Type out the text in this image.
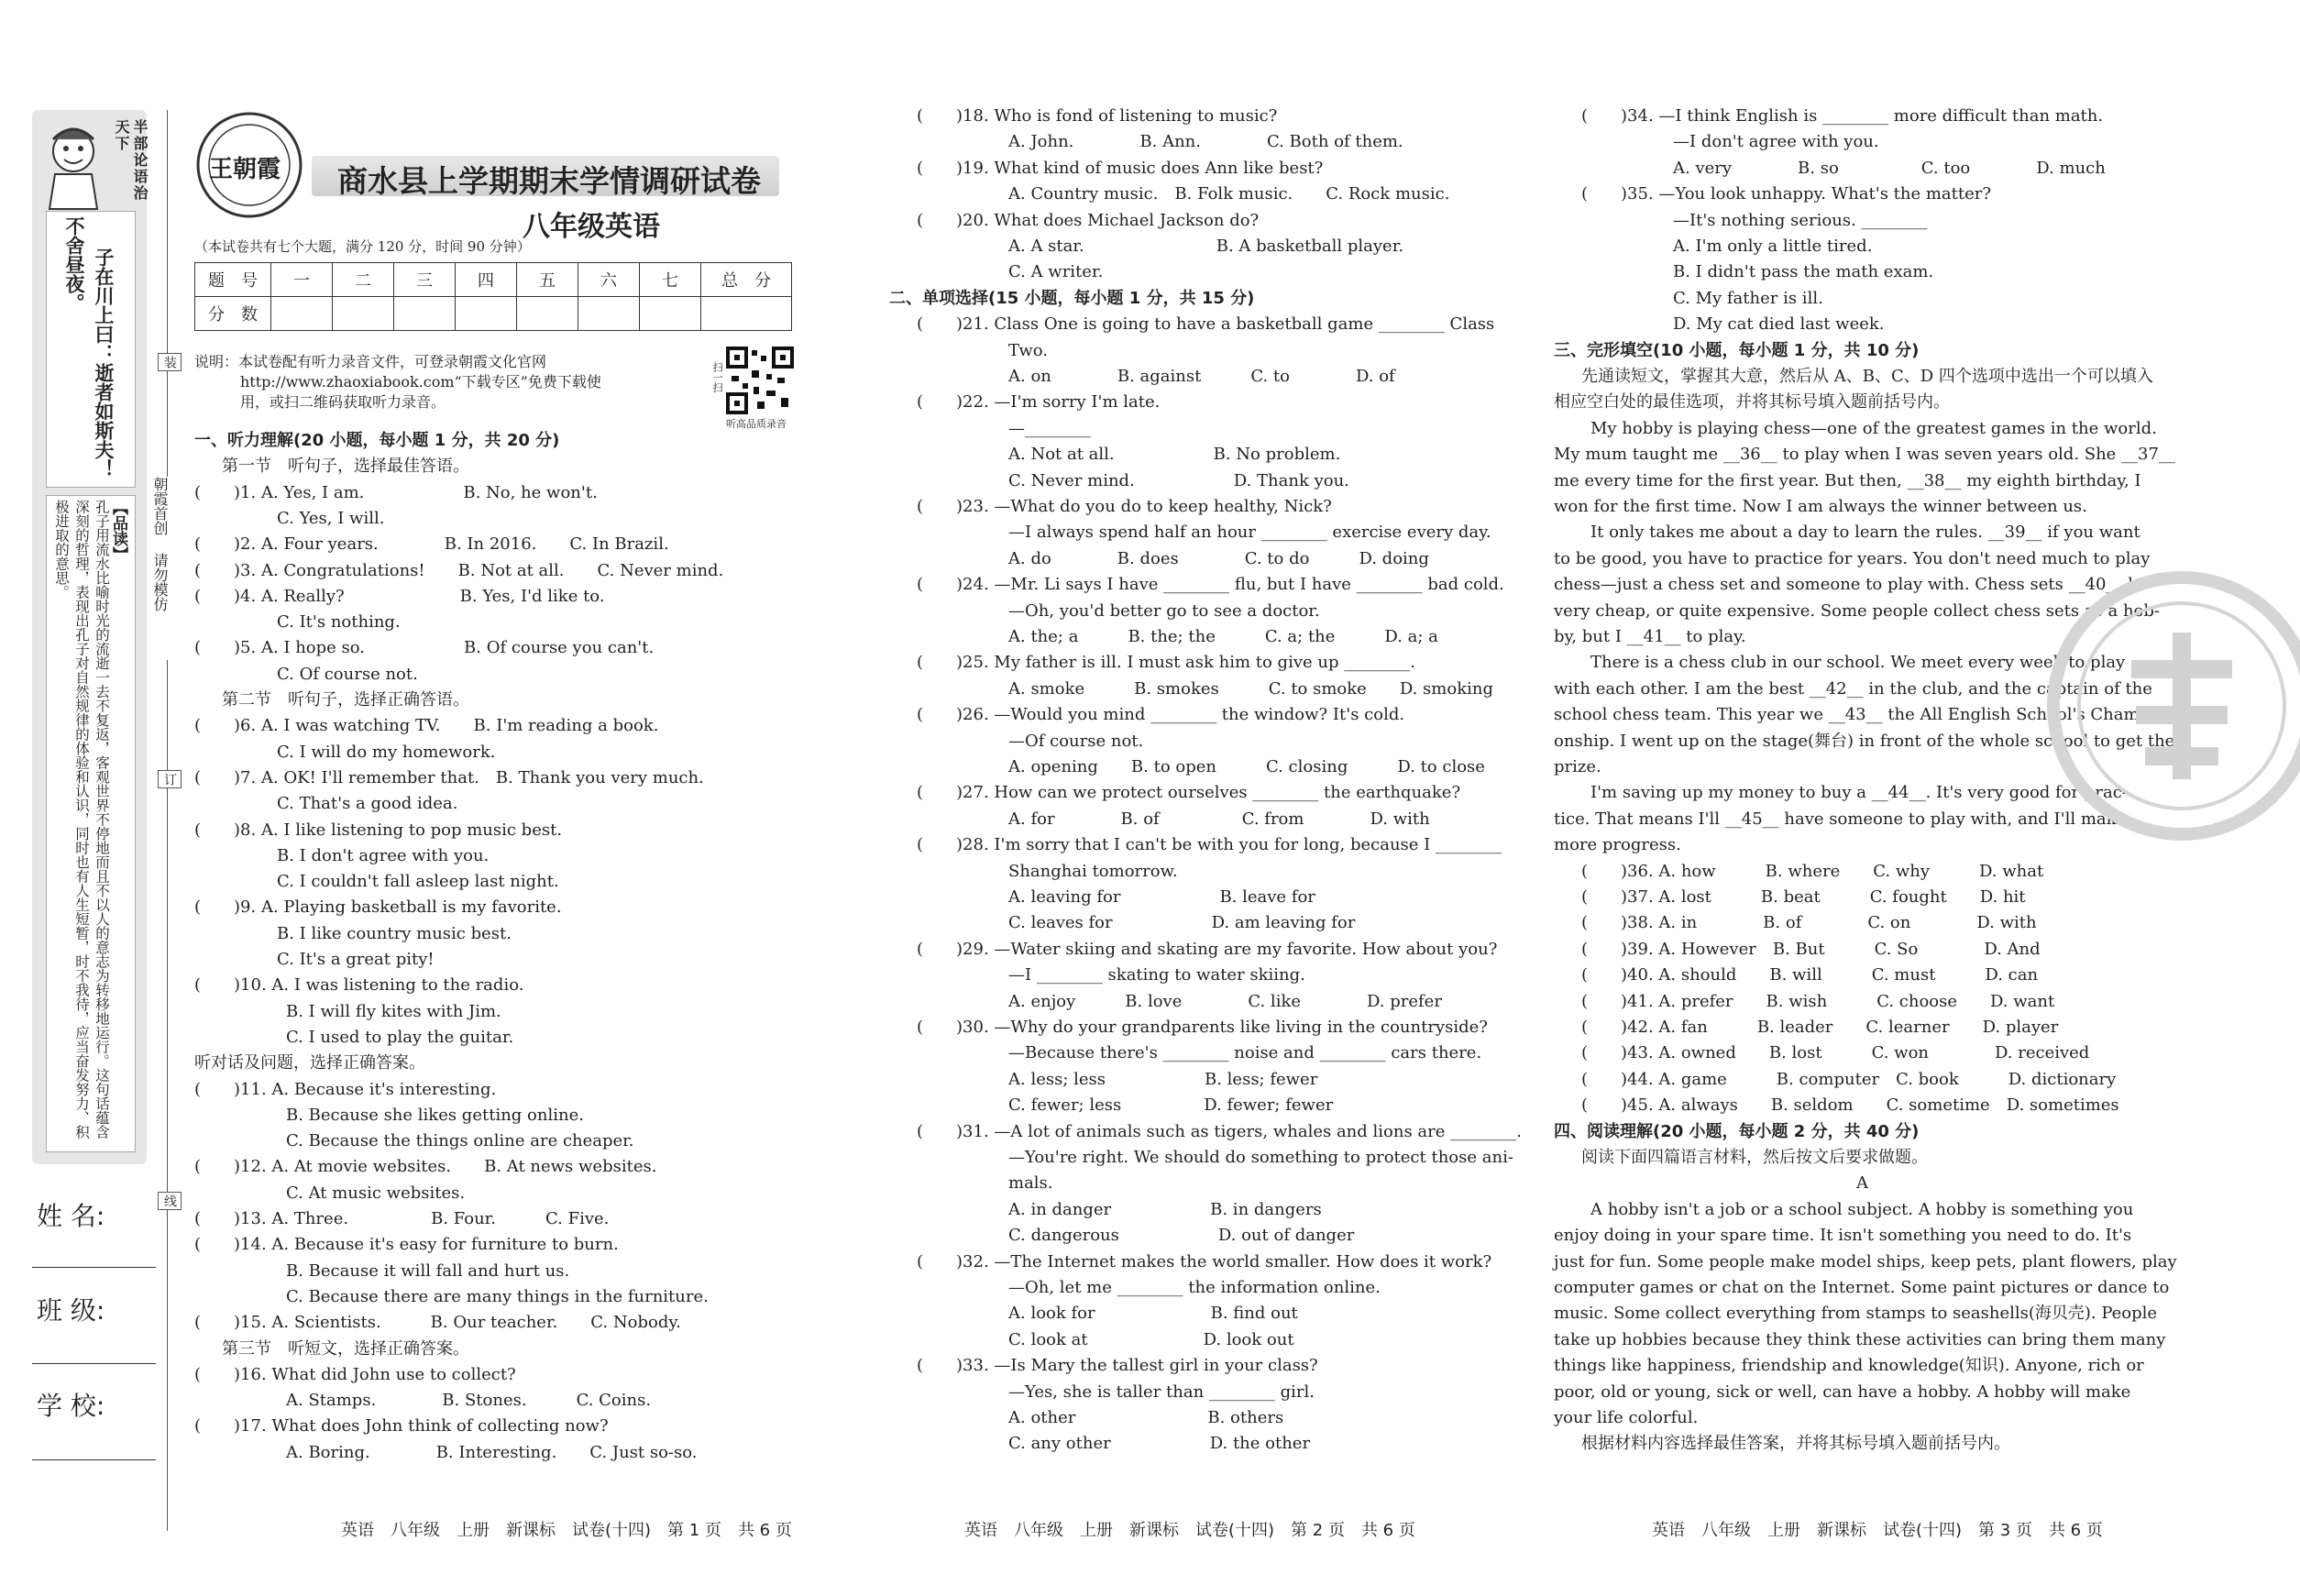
半部论语治天下
子在川上曰：逝者如斯夫！
不舍昼夜。
【品读】
孔子用流水比喻时光的流逝一去不复返，客观世界不停地而且不以人的意志为转移地运行。这句话蕴含深刻的哲理，表现出孔子对自然规律的体验和认识，同时也有人生短暂，时不我待，应当奋发努力、积极进取的意思。
装
朝霞首创 请勿模仿
订
线
姓 名:
班 级:
学 校:
王朝霞 商水县上学期期末学情调研试卷
八年级英语
（本试卷共有七个大题，满分 120 分，时间 90 分钟）
题　号	一	二	三	四	五	六	七	总　分
分　数								
说明：本试卷配有听力录音文件，可登录朝霞文化官网
http://www.zhaoxiabook.com“下载专区”免费下载使
用，或扫二维码获取听力录音。
扫一扫
听高品质录音
一、听力理解(20 小题，每小题 1 分，共 20 分)
第一节　听句子，选择最佳答语。
(　　)1. A. Yes, I am.　　　　　　B. No, he won't.
C. Yes, I will.
(　　)2. A. Four years.　　　　B. In 2016.　　C. In Brazil.
(　　)3. A. Congratulations!　　B. Not at all.　　C. Never mind.
(　　)4. A. Really?　　　　　　　B. Yes, I'd like to.
C. It's nothing.
(　　)5. A. I hope so.　　　　　　B. Of course you can't.
C. Of course not.
第二节　听句子，选择正确答语。
(　　)6. A. I was watching TV.　　B. I'm reading a book.
C. I will do my homework.
(　　)7. A. OK! I'll remember that.　B. Thank you very much.
C. That's a good idea.
(　　)8. A. I like listening to pop music best.
B. I don't agree with you.
C. I couldn't fall asleep last night.
(　　)9. A. Playing basketball is my favorite.
B. I like country music best.
C. It's a great pity!
(　　)10. A. I was listening to the radio.
B. I will fly kites with Jim.
C. I used to play the guitar.
听对话及问题，选择正确答案。
(　　)11. A. Because it's interesting.
B. Because she likes getting online.
C. Because the things online are cheaper.
(　　)12. A. At movie websites.　　B. At news websites.
C. At music websites.
(　　)13. A. Three.　　　　　B. Four.　　　C. Five.
(　　)14. A. Because it's easy for furniture to burn.
B. Because it will fall and hurt us.
C. Because there are many things in the furniture.
(　　)15. A. Scientists.　　　B. Our teacher.　　C. Nobody.
第三节　听短文，选择正确答案。
(　　)16. What did John use to collect?
A. Stamps.　　　　B. Stones.　　　C. Coins.
(　　)17. What does John think of collecting now?
A. Boring.　　　　B. Interesting.　　C. Just so-so.
(　　)18. Who is fond of listening to music?
A. John.　　　　B. Ann.　　　　C. Both of them.
(　　)19. What kind of music does Ann like best?
A. Country music.　B. Folk music.　　C. Rock music.
(　　)20. What does Michael Jackson do?
A. A star.　　　　　　　　B. A basketball player.
C. A writer.
二、单项选择(15 小题，每小题 1 分，共 15 分)
(　　)21. Class One is going to have a basketball game ________ Class
Two.
A. on　　　　B. against　　　C. to　　　　D. of
(　　)22. —I'm sorry I'm late.
—________
A. Not at all.　　　　　　B. No problem.
C. Never mind.　　　　　　D. Thank you.
(　　)23. —What do you do to keep healthy, Nick?
—I always spend half an hour ________ exercise every day.
A. do　　　　B. does　　　　C. to do　　　D. doing
(　　)24. —Mr. Li says I have ________ flu, but I have ________ bad cold.
—Oh, you'd better go to see a doctor.
A. the; a　　　B. the; the　　　C. a; the　　　D. a; a
(　　)25. My father is ill. I must ask him to give up ________.
A. smoke　　　B. smokes　　　C. to smoke　　D. smoking
(　　)26. —Would you mind ________ the window? It's cold.
—Of course not.
A. opening　　B. to open　　　C. closing　　　D. to close
(　　)27. How can we protect ourselves ________ the earthquake?
A. for　　　　B. of　　　　　C. from　　　　D. with
(　　)28. I'm sorry that I can't be with you for long, because I ________
Shanghai tomorrow.
A. leaving for　　　　　　B. leave for
C. leaves for　　　　　　D. am leaving for
(　　)29. —Water skiing and skating are my favorite. How about you?
—I ________ skating to water skiing.
A. enjoy　　　B. love　　　　C. like　　　　D. prefer
(　　)30. —Why do your grandparents like living in the countryside?
—Because there's ________ noise and ________ cars there.
A. less; less　　　　　　B. less; fewer
C. fewer; less　　　　　D. fewer; fewer
(　　)31. —A lot of animals such as tigers, whales and lions are ________.
—You're right. We should do something to protect those ani-
mals.
A. in danger　　　　　　B. in dangers
C. dangerous　　　　　　D. out of danger
(　　)32. —The Internet makes the world smaller. How does it work?
—Oh, let me ________ the information online.
A. look for　　　　　　　B. find out
C. look at　　　　　　　D. look out
(　　)33. —Is Mary the tallest girl in your class?
—Yes, she is taller than ________ girl.
A. other　　　　　　　　B. others
C. any other　　　　　　D. the other
(　　)34. —I think English is ________ more difficult than math.
—I don't agree with you.
A. very　　　　B. so　　　　　C. too　　　　D. much
(　　)35. —You look unhappy. What's the matter?
—It's nothing serious. ________
A. I'm only a little tired.
B. I didn't pass the math exam.
C. My father is ill.
D. My cat died last week.
三、完形填空(10 小题，每小题 1 分，共 10 分)
先通读短文，掌握其大意，然后从 A、B、C、D 四个选项中选出一个可以填入
相应空白处的最佳选项，并将其标号填入题前括号内。
My hobby is playing chess—one of the greatest games in the world.
My mum taught me __36__ to play when I was seven years old. She __37__
me every time for the first year. But then, __38__ my eighth birthday, I
won for the first time. Now I am always the winner between us.
It only takes me about a day to learn the rules. __39__ if you want
to be good, you have to practice for years. You don't need much to play
chess—just a chess set and someone to play with. Chess sets __40__ be
very cheap, or quite expensive. Some people collect chess sets as a hob-
by, but I __41__ to play.
There is a chess club in our school. We meet every week to play
with each other. I am the best __42__ in the club, and the captain of the
school chess team. This year we __43__ the All English School's Champi-
onship. I went up on the stage(舞台) in front of the whole school to get the
prize.
I'm saving up my money to buy a __44__. It's very good for prac-
tice. That means I'll __45__ have someone to play with, and I'll make
more progress.
(　　)36. A. how　　　B. where　　C. why　　　D. what
(　　)37. A. lost　　　B. beat　　　C. fought　　D. hit
(　　)38. A. in　　　　B. of　　　　C. on　　　　D. with
(　　)39. A. However　B. But　　　C. So　　　　D. And
(　　)40. A. should　　B. will　　　C. must　　　D. can
(　　)41. A. prefer　　B. wish　　　C. choose　　D. want
(　　)42. A. fan　　　B. leader　　C. learner　　D. player
(　　)43. A. owned　　B. lost　　　C. won　　　　D. received
(　　)44. A. game　　　B. computer　C. book　　　D. dictionary
(　　)45. A. always　　B. seldom　　C. sometime　D. sometimes
四、阅读理解(20 小题，每小题 2 分，共 40 分)
阅读下面四篇语言材料，然后按文后要求做题。
A
A hobby isn't a job or a school subject. A hobby is something you
enjoy doing in your spare time. It isn't something you need to do. It's
just for fun. Some people make model ships, keep pets, plant flowers, play
computer games or chat on the Internet. Some paint pictures or dance to
music. Some collect everything from stamps to seashells(海贝壳). People
take up hobbies because they think these activities can bring them many
things like happiness, friendship and knowledge(知识). Anyone, rich or
poor, old or young, sick or well, can have a hobby. A hobby will make
your life colorful.
根据材料内容选择最佳答案，并将其标号填入题前括号内。
英语　八年级　上册　新课标　试卷(十四)　第 1 页　共 6 页	英语　八年级　上册　新课标　试卷(十四)　第 2 页　共 6 页	英语　八年级　上册　新课标　试卷(十四)　第 3 页　共 6 页
